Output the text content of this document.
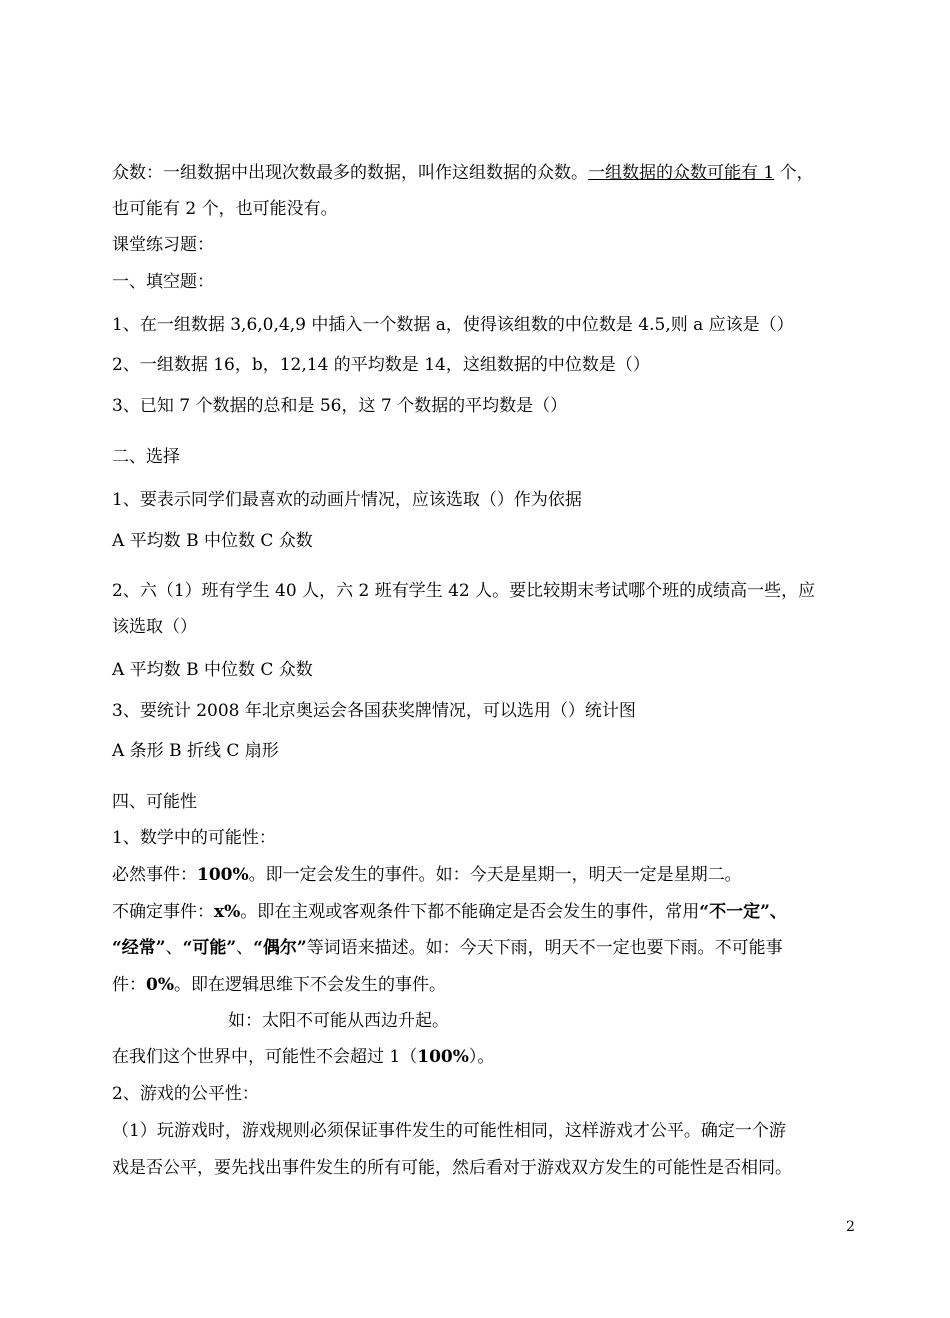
众数：一组数据中出现次数最多的数据，叫作这组数据的众数。一组数据的众数可能有 1 个，
也可能有 2 个，也可能没有。
课堂练习题：
一、填空题：
1、在一组数据 3,6,0,4,9 中插入一个数据 a，使得该组数的中位数是 4.5,则 a 应该是（）
2、一组数据 16，b，12,14 的平均数是 14，这组数据的中位数是（）
3、已知 7 个数据的总和是 56，这 7 个数据的平均数是（）
二、选择
1、要表示同学们最喜欢的动画片情况，应该选取（）作为依据
A 平均数 B 中位数 C 众数
2、六（1）班有学生 40 人，六 2 班有学生 42 人。要比较期末考试哪个班的成绩高一些，应
该选取（）
A 平均数 B 中位数 C 众数
3、要统计 2008 年北京奥运会各国获奖牌情况，可以选用（）统计图
A 条形 B 折线 C 扇形
四、可能性
1、数学中的可能性：
必然事件：100%。即一定会发生的事件。如：今天是星期一，明天一定是星期二。
不确定事件：x%。即在主观或客观条件下都不能确定是否会发生的事件，常用“不一定”、
“经常”、“可能”、“偶尔”等词语来描述。如：今天下雨，明天不一定也要下雨。不可能事
件：0%。即在逻辑思维下不会发生的事件。
如：太阳不可能从西边升起。
在我们这个世界中，可能性不会超过 1（100%）。
2、游戏的公平性：
（1）玩游戏时，游戏规则必须保证事件发生的可能性相同，这样游戏才公平。确定一个游
戏是否公平，要先找出事件发生的所有可能，然后看对于游戏双方发生的可能性是否相同。
2
